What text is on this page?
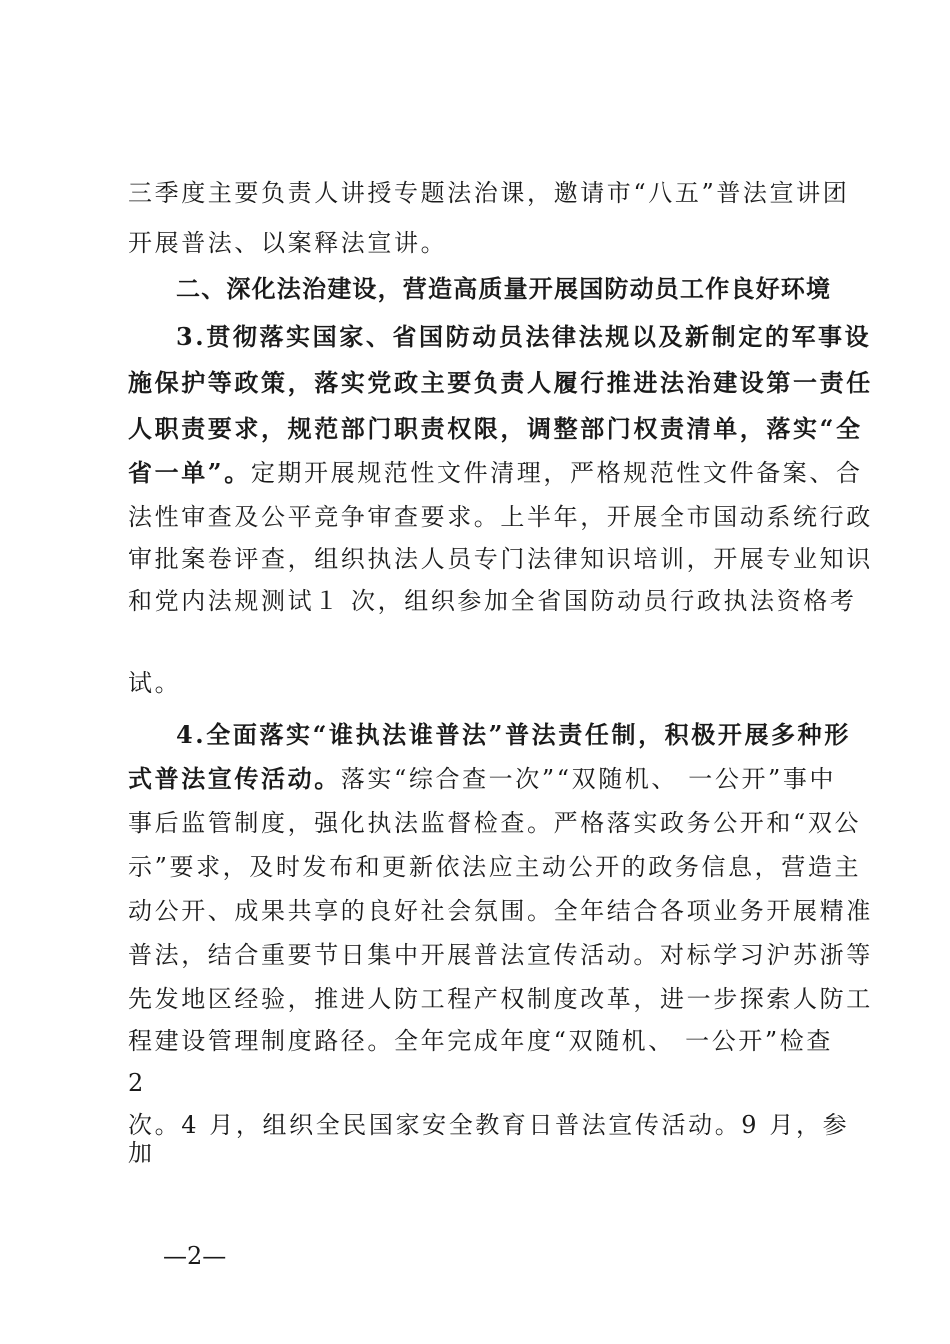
三季度主要负责人讲授专题法治课，邀请市“八五”普法宣讲团
开展普法、以案释法宣讲。
二、深化法治建设，营造高质量开展国防动员工作良好环境
3.贯彻落实国家、省国防动员法律法规以及新制定的军事设
施保护等政策，落实党政主要负责人履行推进法治建设第一责任
人职责要求，规范部门职责权限，调整部门权责清单，落实“全
省一单”。定期开展规范性文件清理，严格规范性文件备案、合
法性审查及公平竞争审查要求。上半年，开展全市国动系统行政
审批案卷评查，组织执法人员专门法律知识培训，开展专业知识
和党内法规测试１ 次，组织参加全省国防动员行政执法资格考
试。
4.全面落实“谁执法谁普法”普法责任制，积极开展多种形
式普法宣传活动。落实“综合查一次”“双随机、 一公开”事中
事后监管制度，强化执法监督检查。严格落实政务公开和“双公
示”要求，及时发布和更新依法应主动公开的政务信息，营造主
动公开、成果共享的良好社会氛围。全年结合各项业务开展精准
普法，结合重要节日集中开展普法宣传活动。对标学习沪苏浙等
先发地区经验，推进人防工程产权制度改革，进一步探索人防工
程建设管理制度路径。全年完成年度“双随机、 一公开”检查
2
次。4 月，组织全民国家安全教育日普法宣传活动。9 月，参
加
—2—
